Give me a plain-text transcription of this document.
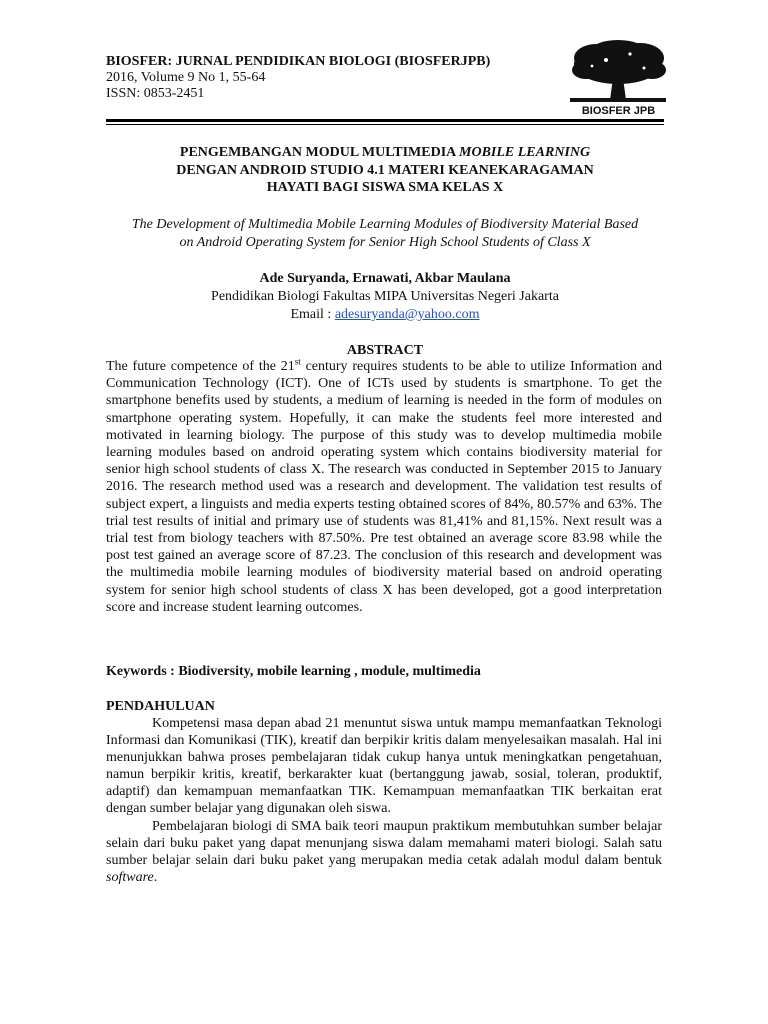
BIOSFER: JURNAL PENDIDIKAN BIOLOGI (BIOSFERJPB)
2016, Volume 9 No 1, 55-64
ISSN: 0853-2451
BIOSFER JPB
PENGEMBANGAN MODUL MULTIMEDIA MOBILE LEARNING
DENGAN ANDROID STUDIO 4.1 MATERI KEANEKARAGAMAN
HAYATI BAGI SISWA SMA KELAS X
The Development of Multimedia Mobile Learning Modules of Biodiversity Material Based
on Android Operating System for Senior High School Students of Class X
Ade Suryanda, Ernawati, Akbar Maulana
Pendidikan Biologi Fakultas MIPA Universitas Negeri Jakarta
Email : adesuryanda@yahoo.com
ABSTRACT

The future competence of the 21st century requires students to be able to utilize Information and Communication Technology (ICT). One of ICTs used by students is smartphone. To get the smartphone benefits used by students, a medium of learning is needed in the form of modules on smartphone operating system. Hopefully, it can make the students feel more interested and motivated in learning biology. The purpose of this study was to develop multimedia mobile learning modules based on android operating system which contains biodiversity material for senior high school students of class X. The research was conducted in September 2015 to January 2016. The research method used was a research and development. The validation test results of subject expert, a linguists and media experts testing obtained scores of 84%, 80.57% and 63%. The trial test results of initial and primary use of students was 81,41% and 81,15%. Next result was a trial test from biology teachers with 87.50%. Pre test obtained an average score 83.98 while the post test gained an average score of 87.23. The conclusion of this research and development was the multimedia mobile learning modules of biodiversity material based on android operating system for senior high school students of class X has been developed, got a good interpretation score and increase student learning outcomes.

Keywords : Biodiversity, mobile learning , module, multimedia
PENDAHULUAN

Kompetensi masa depan abad 21 menuntut siswa untuk mampu memanfaatkan Teknologi Informasi dan Komunikasi (TIK), kreatif dan berpikir kritis dalam menyelesaikan masalah. Hal ini menunjukkan bahwa proses pembelajaran tidak cukup hanya untuk meningkatkan pengetahuan, namun berpikir kritis, kreatif, berkarakter kuat (bertanggung jawab, sosial, toleran, produktif, adaptif) dan kemampuan memanfaatkan TIK. Kemampuan memanfaatkan TIK berkaitan erat dengan sumber belajar yang digunakan oleh siswa.

Pembelajaran biologi di SMA baik teori maupun praktikum membutuhkan sumber belajar selain dari buku paket yang dapat menunjang siswa dalam memahami materi biologi. Salah satu sumber belajar selain dari buku paket yang merupakan media cetak adalah modul dalam bentuk software.
